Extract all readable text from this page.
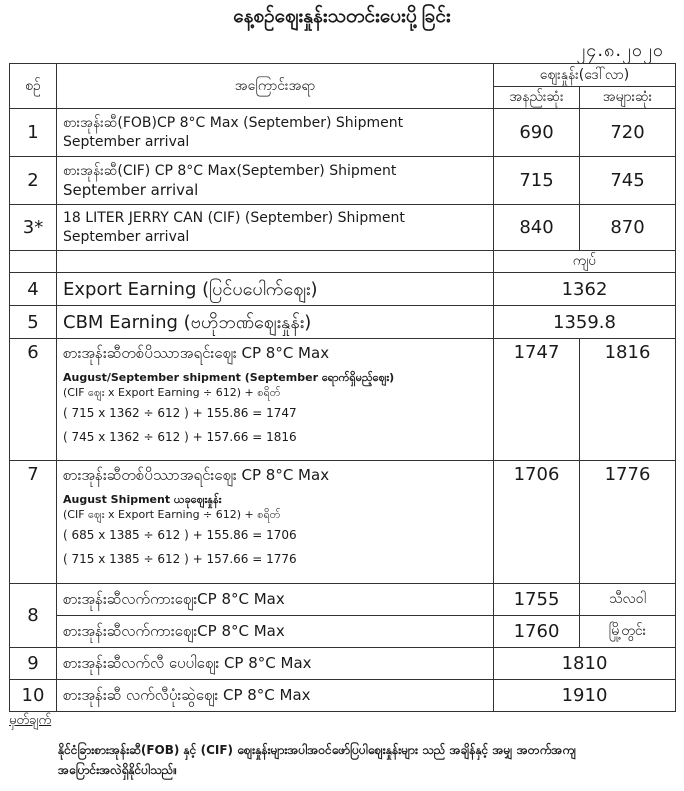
နေ့စဉ်ဈေးနှုန်းသတင်းပေးပို့ခြင်း
၂၄.၈.၂၀၂၀
စဉ်	အကြောင်းအရာ	ဈေးနှုန်း(ဒေါ်လာ)	
		အနည်းဆုံး	အများဆုံး
1	စားအုန်းဆီ(FOB)CP 8°C Max (September) Shipment
September arrival	690	720
2	စားအုန်းဆီ(CIF) CP 8°C Max(September) Shipment
September arrival	715	745
3*	18 LITER JERRY CAN (CIF) (September) Shipment
September arrival	840	870
		ကျပ်	
4	Export Earning (ပြင်ပပေါက်ဈေး)	1362	
5	CBM Earning (ဗဟိုဘဏ်ဈေးနှုန်း)	1359.8	
6	စားအုန်းဆီတစ်ပိဿာအရင်းဈေး CP 8°C Max
August/September shipment (September ရောက်ရှိမည့်ဈေး)
(CIF ဈေး x Export Earning ÷ 612) + စရိတ်
( 715 x 1362 ÷ 612 ) + 155.86 = 1747
( 745 x 1362 ÷ 612 ) + 157.66 = 1816	1747	1816
7	စားအုန်းဆီတစ်ပိဿာအရင်းဈေး CP 8°C Max
August Shipment ယခုဈေးနှုန်း
(CIF ဈေး x Export Earning ÷ 612) + စရိတ်
( 685 x 1385 ÷ 612 ) + 155.86 = 1706
( 715 x 1385 ÷ 612 ) + 157.66 = 1776	1706	1776
8	စားအုန်းဆီလက်ကားဈေးCP 8°C Max	1755	သီလဝါ
	စားအုန်းဆီလက်ကားဈေးCP 8°C Max	1760	မြို့တွင်း
9	စားအုန်းဆီလက်လီ ပေပါဈေး CP 8°C Max	1810	
10	စားအုန်းဆီ လက်လီပုံးဆွဲဈေး CP 8°C Max	1910	
မှတ်ချက်
နိုင်ငံခြားစားအုန်းဆီ(FOB) နှင့် (CIF) ဈေးနှုန်းများအပါအဝင်ဖော်ပြပါဈေးနှုန်းများ သည် အချိန်နှင့် အမျှ အတက်အကျ အပြောင်းအလဲရှိနိုင်ပါသည်။
